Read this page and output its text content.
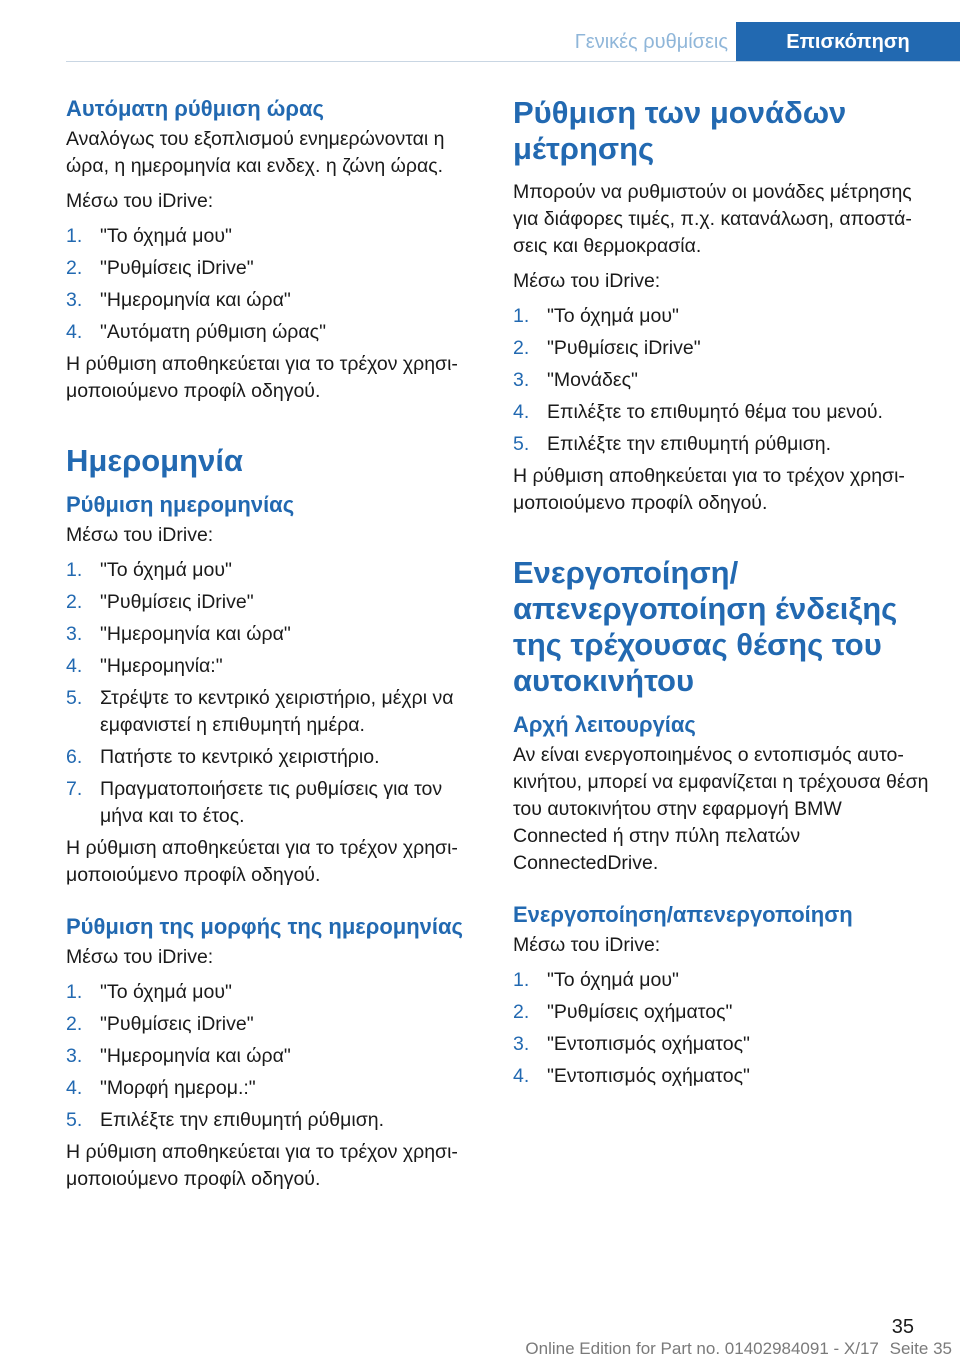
Γενικές ρυθμίσεις	Επισκόπηση
Αυτόματη ρύθμιση ώρας

Αναλόγως του εξοπλισμού ενημερώνονται η ώρα, η ημερομηνία και ενδεχ. η ζώνη ώρας.

Μέσω του iDrive:

1. "Το όχημά μου"
2. "Ρυθμίσεις iDrive"
3. "Ημερομηνία και ώρα"
4. "Αυτόματη ρύθμιση ώρας"

Η ρύθμιση αποθηκεύεται για το τρέχον χρησιμοποιούμενο προφίλ οδηγού.

Ημερομηνία
Ρύθμιση ημερομηνίας

Μέσω του iDrive:

1. "Το όχημά μου"
2. "Ρυθμίσεις iDrive"
3. "Ημερομηνία και ώρα"
4. "Ημερομηνία:"
5. Στρέψτε το κεντρικό χειριστήριο, μέχρι να εμφανιστεί η επιθυμητή ημέρα.
6. Πατήστε το κεντρικό χειριστήριο.
7. Πραγματοποιήσετε τις ρυθμίσεις για τον μήνα και το έτος.

Η ρύθμιση αποθηκεύεται για το τρέχον χρησιμοποιούμενο προφίλ οδηγού.

Ρύθμιση της μορφής της ημερομηνίας

Μέσω του iDrive:

1. "Το όχημά μου"
2. "Ρυθμίσεις iDrive"
3. "Ημερομηνία και ώρα"
4. "Μορφή ημερομ.:"
5. Επιλέξτε την επιθυμητή ρύθμιση.

Η ρύθμιση αποθηκεύεται για το τρέχον χρησιμοποιούμενο προφίλ οδηγού.

Ρύθμιση των μονάδων μέτρησης

Μπορούν να ρυθμιστούν οι μονάδες μέτρησης για διάφορες τιμές, π.χ. κατανάλωση, αποστάσεις και θερμοκρασία.

Μέσω του iDrive:

1. "Το όχημά μου"
2. "Ρυθμίσεις iDrive"
3. "Μονάδες"
4. Επιλέξτε το επιθυμητό θέμα του μενού.
5. Επιλέξτε την επιθυμητή ρύθμιση.

Η ρύθμιση αποθηκεύεται για το τρέχον χρησιμοποιούμενο προφίλ οδηγού.

Ενεργοποίηση/απενεργοποίηση ένδειξης της τρέχουσας θέσης του αυτοκινήτου
Αρχή λειτουργίας

Αν είναι ενεργοποιημένος ο εντοπισμός αυτοκινήτου, μπορεί να εμφανίζεται η τρέχουσα θέση του αυτοκινήτου στην εφαρμογή BMW Connected ή στην πύλη πελατών ConnectedDrive.

Ενεργοποίηση/απενεργοποίηση

Μέσω του iDrive:

1. "Το όχημά μου"
2. "Ρυθμίσεις οχήματος"
3. "Εντοπισμός οχήματος"
4. "Εντοπισμός οχήματος"
35
Online Edition for Part no. 01402984091 - X/17 Seite 35
